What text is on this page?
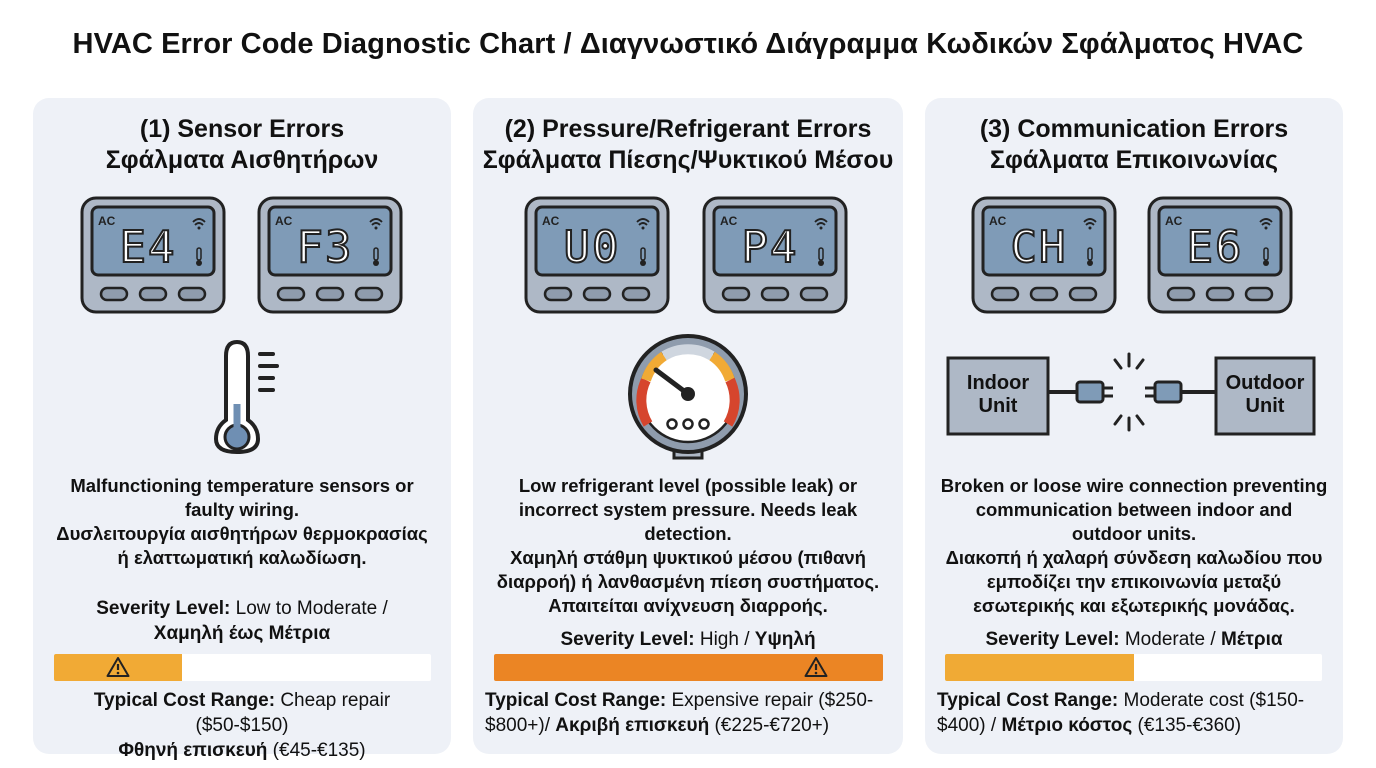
HVAC Error Code Diagnostic Chart / Διαγνωστικό Διάγραμμα Κωδικών Σφάλματος HVAC
(1) Sensor Errors
Σφάλματα Αισθητήρων
AC
E4
AC
F3
Malfunctioning temperature sensors or
faulty wiring.
Δυσλειτουργία αισθητήρων θερμοκρασίας
ή ελαττωματική καλωδίωση.
Severity Level: Low to Moderate /
Χαμηλή έως Μέτρια
Typical Cost Range: Cheap repair ($50-$150)
Φθηνή επισκευή (€45-€135)
(2) Pressure/Refrigerant Errors
Σφάλματα Πίεσης/Ψυκτικού Μέσου
AC
U0
AC
P4
Low refrigerant level (possible leak) or
incorrect system pressure. Needs leak
detection.
Χαμηλή στάθμη ψυκτικού μέσου (πιθανή
διαρροή) ή λανθασμένη πίεση συστήματος.
Απαιτείται ανίχνευση διαρροής.
Severity Level: High / Υψηλή
Typical Cost Range: Expensive repair ($250-
$800+)/ Ακριβή επισκευή (€225-€720+)
(3) Communication Errors
Σφάλματα Επικοινωνίας
AC
CH
AC
E6
Indoor
Unit
Outdoor
Unit
Broken or loose wire connection preventing
communication between indoor and
outdoor units.
Διακοπή ή χαλαρή σύνδεση καλωδίου που
εμποδίζει την επικοινωνία μεταξύ
εσωτερικής και εξωτερικής μονάδας.
Severity Level: Moderate / Μέτρια
Typical Cost Range: Moderate cost ($150-
$400) / Μέτριο κόστος (€135-€360)
